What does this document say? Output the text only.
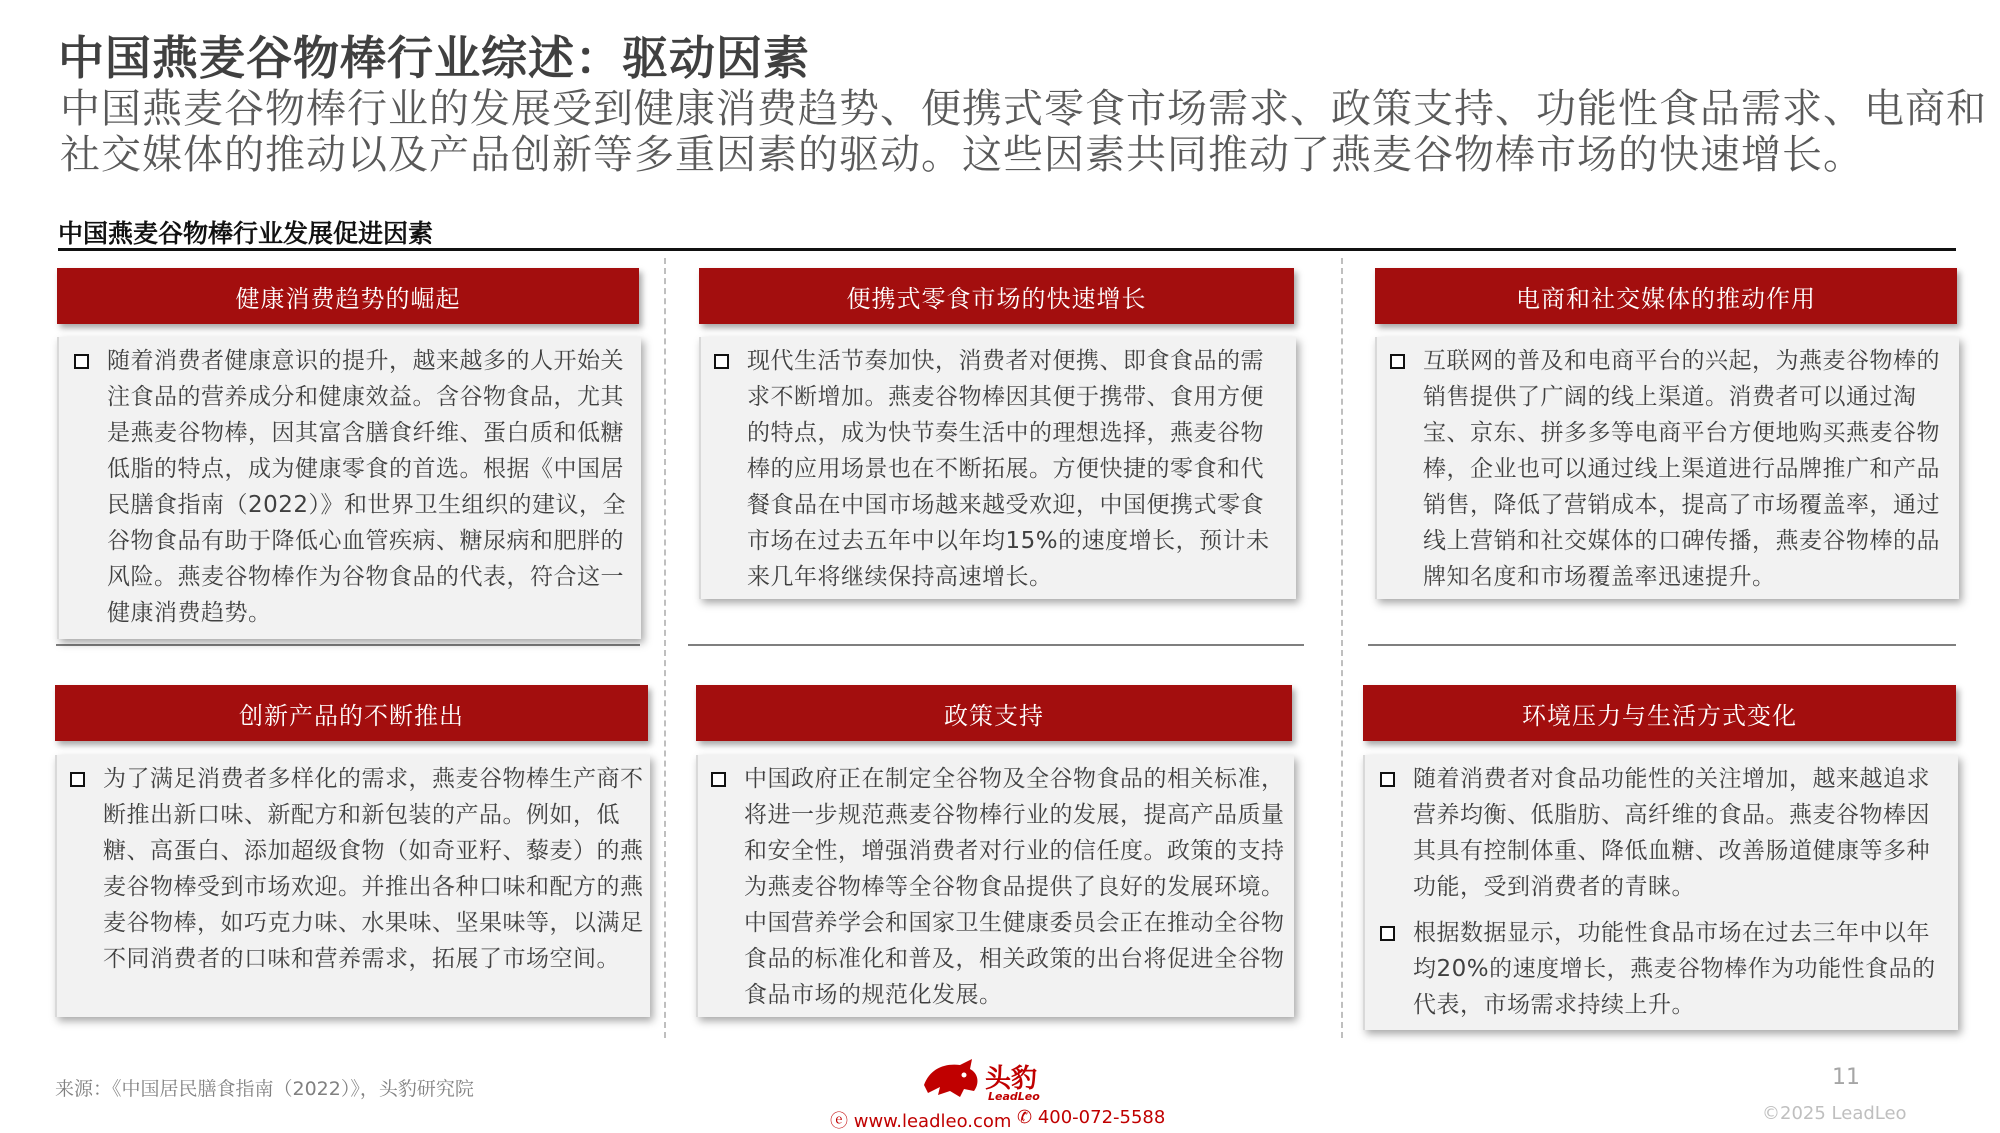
中国燕麦谷物棒行业综述：驱动因素
中国燕麦谷物棒行业的发展受到健康消费趋势、便携式零食市场需求、政策支持、功能性食品需求、电商和社交媒体的推动以及产品创新等多重因素的驱动。这些因素共同推动了燕麦谷物棒市场的快速增长。
中国燕麦谷物棒行业发展促进因素
健康消费趋势的崛起
随着消费者健康意识的提升，越来越多的人开始关注食品的营养成分和健康效益。含谷物食品，尤其是燕麦谷物棒，因其富含膳食纤维、蛋白质和低糖低脂的特点，成为健康零食的首选。根据《中国居民膳食指南（2022）》和世界卫生组织的建议，全谷物食品有助于降低心血管疾病、糖尿病和肥胖的风险。燕麦谷物棒作为谷物食品的代表，符合这一健康消费趋势。
便携式零食市场的快速增长
现代生活节奏加快，消费者对便携、即食食品的需求不断增加。燕麦谷物棒因其便于携带、食用方便的特点，成为快节奏生活中的理想选择，燕麦谷物棒的应用场景也在不断拓展。方便快捷的零食和代餐食品在中国市场越来越受欢迎，中国便携式零食市场在过去五年中以年均15%的速度增长，预计未来几年将继续保持高速增长。
电商和社交媒体的推动作用
互联网的普及和电商平台的兴起，为燕麦谷物棒的销售提供了广阔的线上渠道。消费者可以通过淘宝、京东、拼多多等电商平台方便地购买燕麦谷物棒，企业也可以通过线上渠道进行品牌推广和产品销售，降低了营销成本，提高了市场覆盖率，通过线上营销和社交媒体的口碑传播，燕麦谷物棒的品牌知名度和市场覆盖率迅速提升。
创新产品的不断推出
为了满足消费者多样化的需求，燕麦谷物棒生产商不断推出新口味、新配方和新包装的产品。例如，低糖、高蛋白、添加超级食物（如奇亚籽、藜麦）的燕麦谷物棒受到市场欢迎。并推出各种口味和配方的燕麦谷物棒，如巧克力味、水果味、坚果味等，以满足不同消费者的口味和营养需求，拓展了市场空间。
政策支持
中国政府正在制定全谷物及全谷物食品的相关标准，将进一步规范燕麦谷物棒行业的发展，提高产品质量和安全性，增强消费者对行业的信任度。政策的支持为燕麦谷物棒等全谷物食品提供了良好的发展环境。中国营养学会和国家卫生健康委员会正在推动全谷物食品的标准化和普及，相关政策的出台将促进全谷物食品市场的规范化发展。
环境压力与生活方式变化
随着消费者对食品功能性的关注增加，越来越追求营养均衡、低脂肪、高纤维的食品。燕麦谷物棒因其具有控制体重、降低血糖、改善肠道健康等多种功能，受到消费者的青睐。
根据数据显示，功能性食品市场在过去三年中以年均20%的速度增长，燕麦谷物棒作为功能性食品的代表，市场需求持续上升。
来源：《中国居民膳食指南（2022）》，头豹研究院	头豹
LeadLeo
ⓔ www.leadleo.com ✆ 400-072-5588
11
©2025 LeadLeo
